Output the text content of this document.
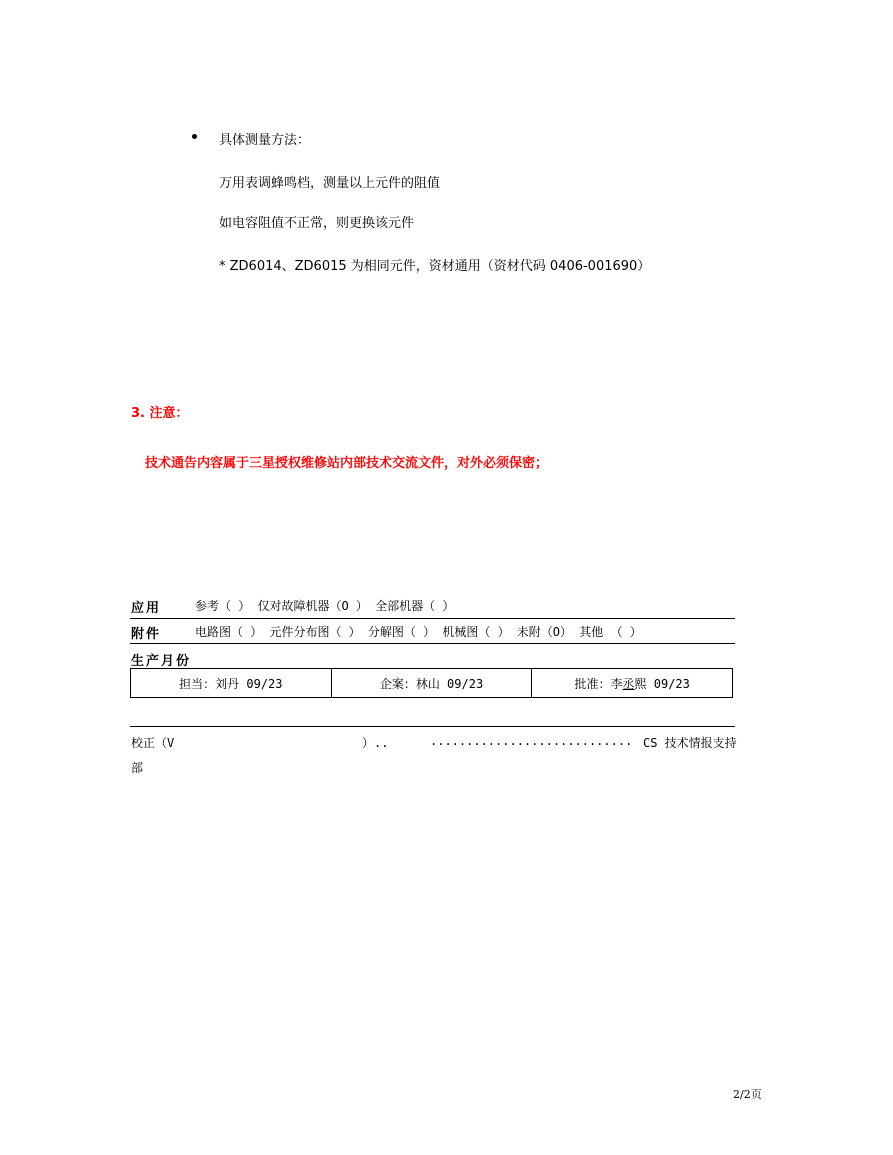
具体测量方法：
万用表调蜂鸣档，测量以上元件的阻值
如电容阻值不正常，则更换该元件
* ZD6014、ZD6015 为相同元件，资材通用（资材代码 0406-001690）
3. 注意：
技术通告内容属于三星授权维修站内部技术交流文件，对外必须保密；
应用	参考（ ） 仅对故障机器（O ） 全部机器（ ）
附件	电路图（ ） 元件分布图（ ） 分解图（ ） 机械图（ ） 未附（O） 其他 （ ）
生产月份
担当：刘丹 09/23	企案：林山 09/23	批准：李 丞 熙 09/23
校正（V	）..	............................ CS 技术情报支持
部
2/2页
